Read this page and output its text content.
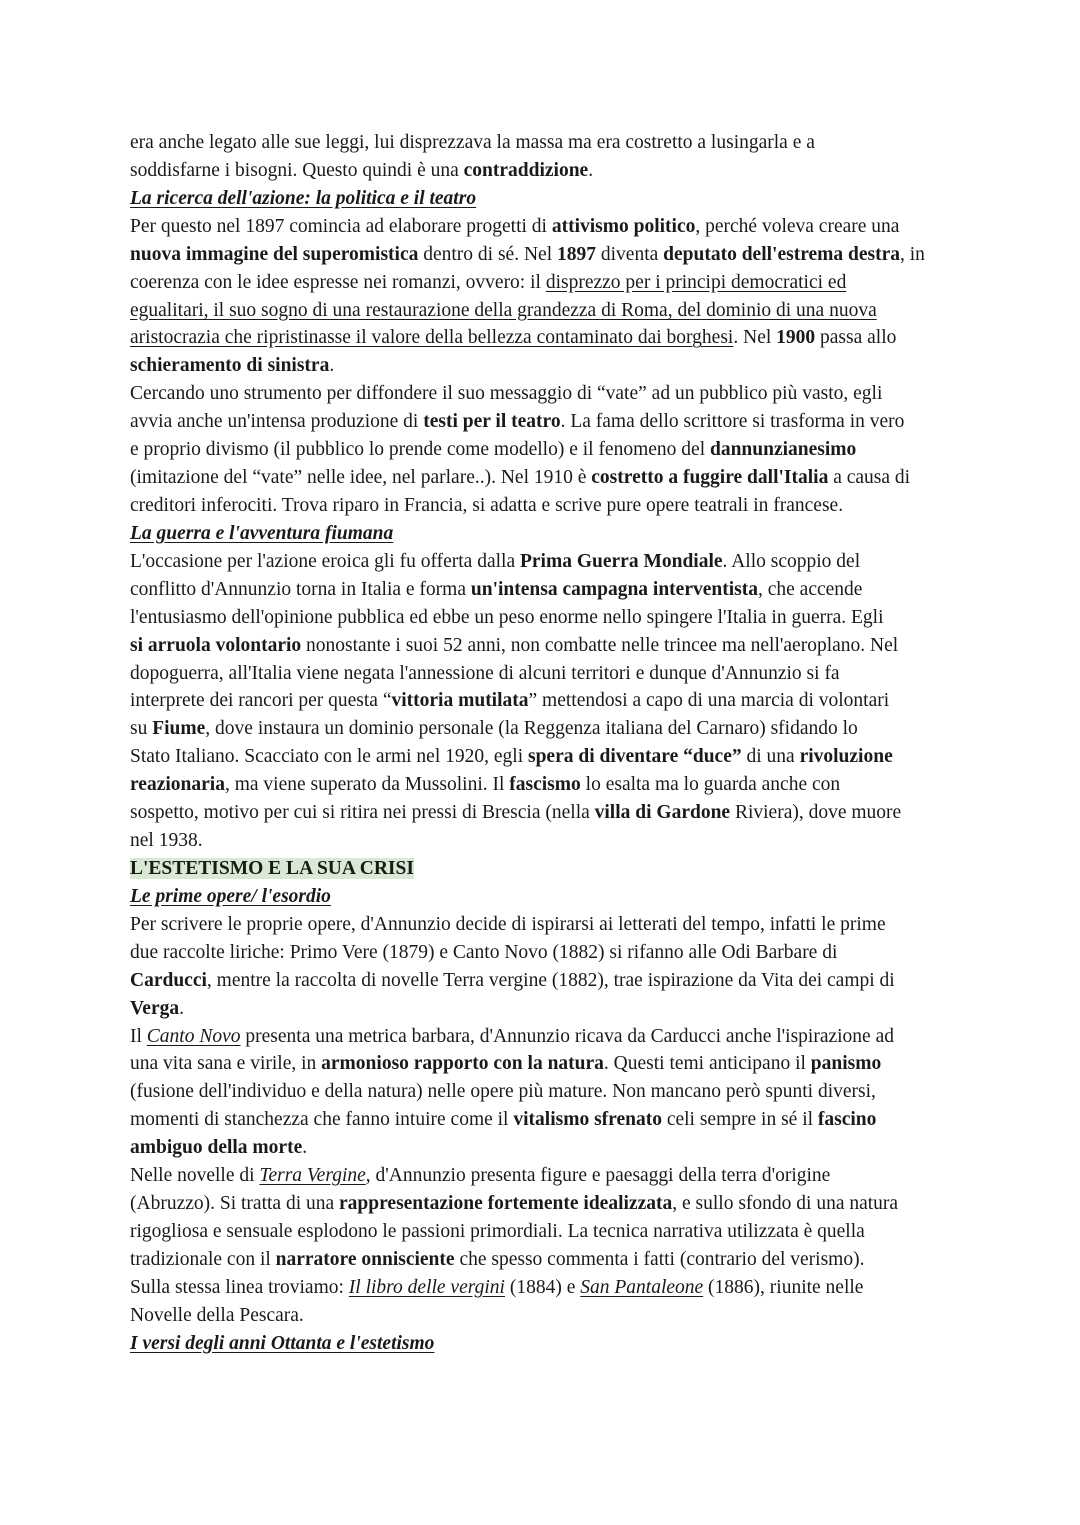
era anche legato alle sue leggi, lui disprezzava la massa ma era costretto a lusingarla e a
soddisfarne i bisogni. Questo quindi è una contraddizione.
La ricerca dell'azione: la politica e il teatro
Per questo nel 1897 comincia ad elaborare progetti di attivismo politico, perché voleva creare una
nuova immagine del superomistica dentro di sé. Nel 1897 diventa deputato dell'estrema destra, in
coerenza con le idee espresse nei romanzi, ovvero: il disprezzo per i principi democratici ed
egualitari, il suo sogno di una restaurazione della grandezza di Roma, del dominio di una nuova
aristocrazia che ripristinasse il valore della bellezza contaminato dai borghesi. Nel 1900 passa allo
schieramento di sinistra.
Cercando uno strumento per diffondere il suo messaggio di “vate” ad un pubblico più vasto, egli
avvia anche un'intensa produzione di testi per il teatro. La fama dello scrittore si trasforma in vero
e proprio divismo (il pubblico lo prende come modello) e il fenomeno del dannunzianesimo
(imitazione del “vate” nelle idee, nel parlare..). Nel 1910 è costretto a fuggire dall'Italia a causa di
creditori inferociti. Trova riparo in Francia, si adatta e scrive pure opere teatrali in francese.
La guerra e l'avventura fiumana
L'occasione per l'azione eroica gli fu offerta dalla Prima Guerra Mondiale. Allo scoppio del
conflitto d'Annunzio torna in Italia e forma un'intensa campagna interventista, che accende
l'entusiasmo dell'opinione pubblica ed ebbe un peso enorme nello spingere l'Italia in guerra. Egli
si arruola volontario nonostante i suoi 52 anni, non combatte nelle trincee ma nell'aeroplano. Nel
dopoguerra, all'Italia viene negata l'annessione di alcuni territori e dunque d'Annunzio si fa
interprete dei rancori per questa “vittoria mutilata” mettendosi a capo di una marcia di volontari
su Fiume, dove instaura un dominio personale (la Reggenza italiana del Carnaro) sfidando lo
Stato Italiano. Scacciato con le armi nel 1920, egli spera di diventare “duce” di una rivoluzione
reazionaria, ma viene superato da Mussolini. Il fascismo lo esalta ma lo guarda anche con
sospetto, motivo per cui si ritira nei pressi di Brescia (nella villa di Gardone Riviera), dove muore
nel 1938.
L'ESTETISMO E LA SUA CRISI
Le prime opere/ l'esordio
Per scrivere le proprie opere, d'Annunzio decide di ispirarsi ai letterati del tempo, infatti le prime
due raccolte liriche: Primo Vere (1879) e Canto Novo (1882) si rifanno alle Odi Barbare di
Carducci, mentre la raccolta di novelle Terra vergine (1882), trae ispirazione da Vita dei campi di
Verga.
Il Canto Novo presenta una metrica barbara, d'Annunzio ricava da Carducci anche l'ispirazione ad
una vita sana e virile, in armonioso rapporto con la natura. Questi temi anticipano il panismo
(fusione dell'individuo e della natura) nelle opere più mature. Non mancano però spunti diversi,
momenti di stanchezza che fanno intuire come il vitalismo sfrenato celi sempre in sé il fascino
ambiguo della morte.
Nelle novelle di Terra Vergine, d'Annunzio presenta figure e paesaggi della terra d'origine
(Abruzzo). Si tratta di una rappresentazione fortemente idealizzata, e sullo sfondo di una natura
rigogliosa e sensuale esplodono le passioni primordiali. La tecnica narrativa utilizzata è quella
tradizionale con il narratore onnisciente che spesso commenta i fatti (contrario del verismo).
Sulla stessa linea troviamo: Il libro delle vergini (1884) e San Pantaleone (1886), riunite nelle
Novelle della Pescara.
I versi degli anni Ottanta e l'estetismo
